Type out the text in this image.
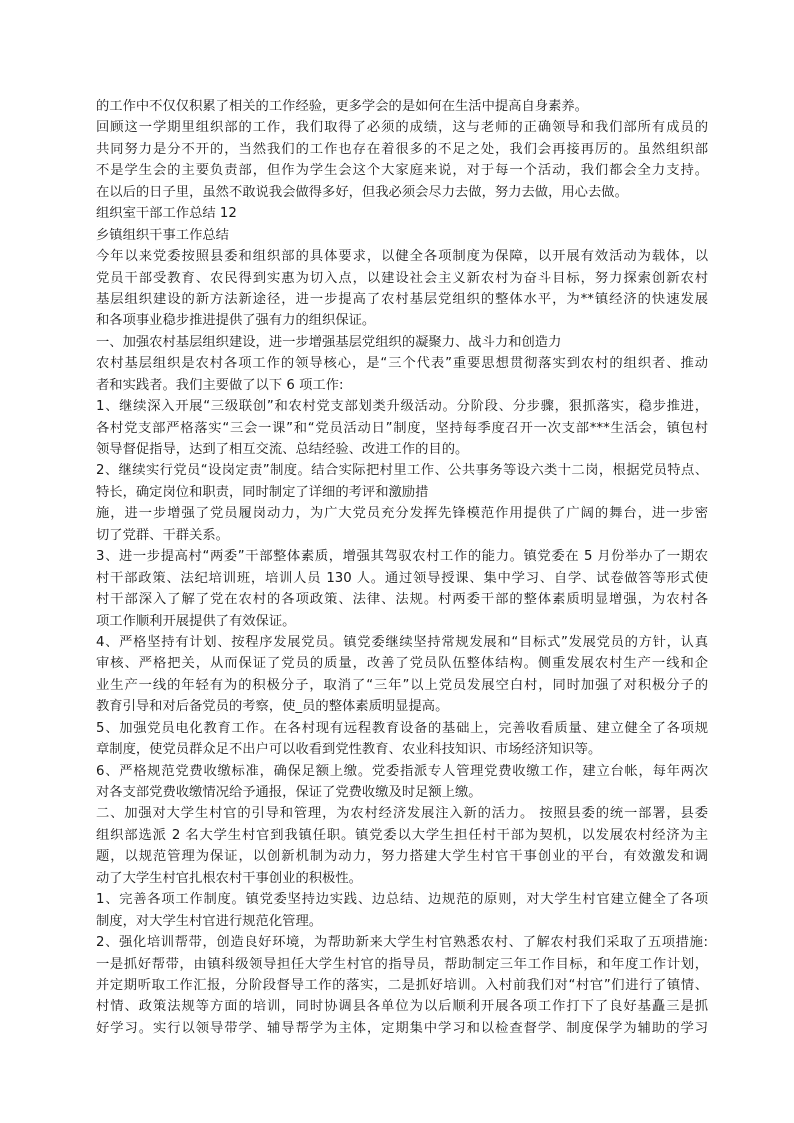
的工作中不仅仅积累了相关的工作经验，更多学会的是如何在生活中提高自身素养。
回顾这一学期里组织部的工作，我们取得了必须的成绩，这与老师的正确领导和我们部所有成员的
共同努力是分不开的，当然我们的工作也存在着很多的不足之处，我们会再接再厉的。虽然组织部
不是学生会的主要负责部，但作为学生会这个大家庭来说，对于每一个活动，我们都会全力支持。
在以后的日子里，虽然不敢说我会做得多好，但我必须会尽力去做，努力去做，用心去做。
组织室干部工作总结 12
乡镇组织干事工作总结
今年以来党委按照县委和组织部的具体要求，以健全各项制度为保障，以开展有效活动为载体，以
党员干部受教育、农民得到实惠为切入点，以建设社会主义新农村为奋斗目标，努力探索创新农村
基层组织建设的新方法新途径，进一步提高了农村基层党组织的整体水平，为**镇经济的快速发展
和各项事业稳步推进提供了强有力的组织保证。
一、加强农村基层组织建设，进一步增强基层党组织的凝聚力、战斗力和创造力
农村基层组织是农村各项工作的领导核心，是“三个代表”重要思想贯彻落实到农村的组织者、推动
者和实践者。我们主要做了以下 6 项工作:
1、继续深入开展“三级联创”和农村党支部划类升级活动。分阶段、分步骤，狠抓落实，稳步推进，
各村党支部严格落实“三会一课”和“党员活动日”制度，坚持每季度召开一次支部***生活会，镇包村
领导督促指导，达到了相互交流、总结经验、改进工作的目的。
2、继续实行党员“设岗定责”制度。结合实际把村里工作、公共事务等设六类十二岗，根据党员特点、
特长，确定岗位和职责，同时制定了详细的考评和激励措
施，进一步增强了党员履岗动力，为广大党员充分发挥先锋模范作用提供了广阔的舞台，进一步密
切了党群、干群关系。
3、进一步提高村“两委”干部整体素质，增强其驾驭农村工作的能力。镇党委在 5 月份举办了一期农
村干部政策、法纪培训班，培训人员 130 人。通过领导授课、集中学习、自学、试卷做答等形式使
村干部深入了解了党在农村的各项政策、法律、法规。村两委干部的整体素质明显增强，为农村各
项工作顺利开展提供了有效保证。
4、严格坚持有计划、按程序发展党员。镇党委继续坚持常规发展和“目标式”发展党员的方针，认真
审核、严格把关，从而保证了党员的质量，改善了党员队伍整体结构。侧重发展农村生产一线和企
业生产一线的年轻有为的积极分子，取消了“三年”以上党员发展空白村，同时加强了对积极分子的
教育引导和对后备党员的考察，使_员的整体素质明显提高。
5、加强党员电化教育工作。在各村现有远程教育设备的基础上，完善收看质量、建立健全了各项规
章制度，使党员群众足不出户可以收看到党性教育、农业科技知识、市场经济知识等。
6、严格规范党费收缴标准，确保足额上缴。党委指派专人管理党费收缴工作，建立台帐，每年两次
对各支部党费收缴情况给予通报，保证了党费收缴及时足额上缴。
二、加强对大学生村官的引导和管理，为农村经济发展注入新的活力。 按照县委的统一部署，县委
组织部选派 2 名大学生村官到我镇任职。镇党委以大学生担任村干部为契机，以发展农村经济为主
题，以规范管理为保证，以创新机制为动力，努力搭建大学生村官干事创业的平台，有效激发和调
动了大学生村官扎根农村干事创业的积极性。
1、完善各项工作制度。镇党委坚持边实践、边总结、边规范的原则，对大学生村官建立健全了各项
制度，对大学生村官进行规范化管理。
2、强化培训帮带，创造良好环境，为帮助新来大学生村官熟悉农村、了解农村我们采取了五项措施:
一是抓好帮带，由镇科级领导担任大学生村官的指导员，帮助制定三年工作目标，和年度工作计划，
并定期听取工作汇报，分阶段督导工作的落实，二是抓好培训。入村前我们对“村官”们进行了镇情、
村情、政策法规等方面的培训，同时协调县各单位为以后顺利开展各项工作打下了良好基矗三是抓
好学习。实行以领导带学、辅导帮学为主体，定期集中学习和以检查督学、制度保学为辅助的学习
